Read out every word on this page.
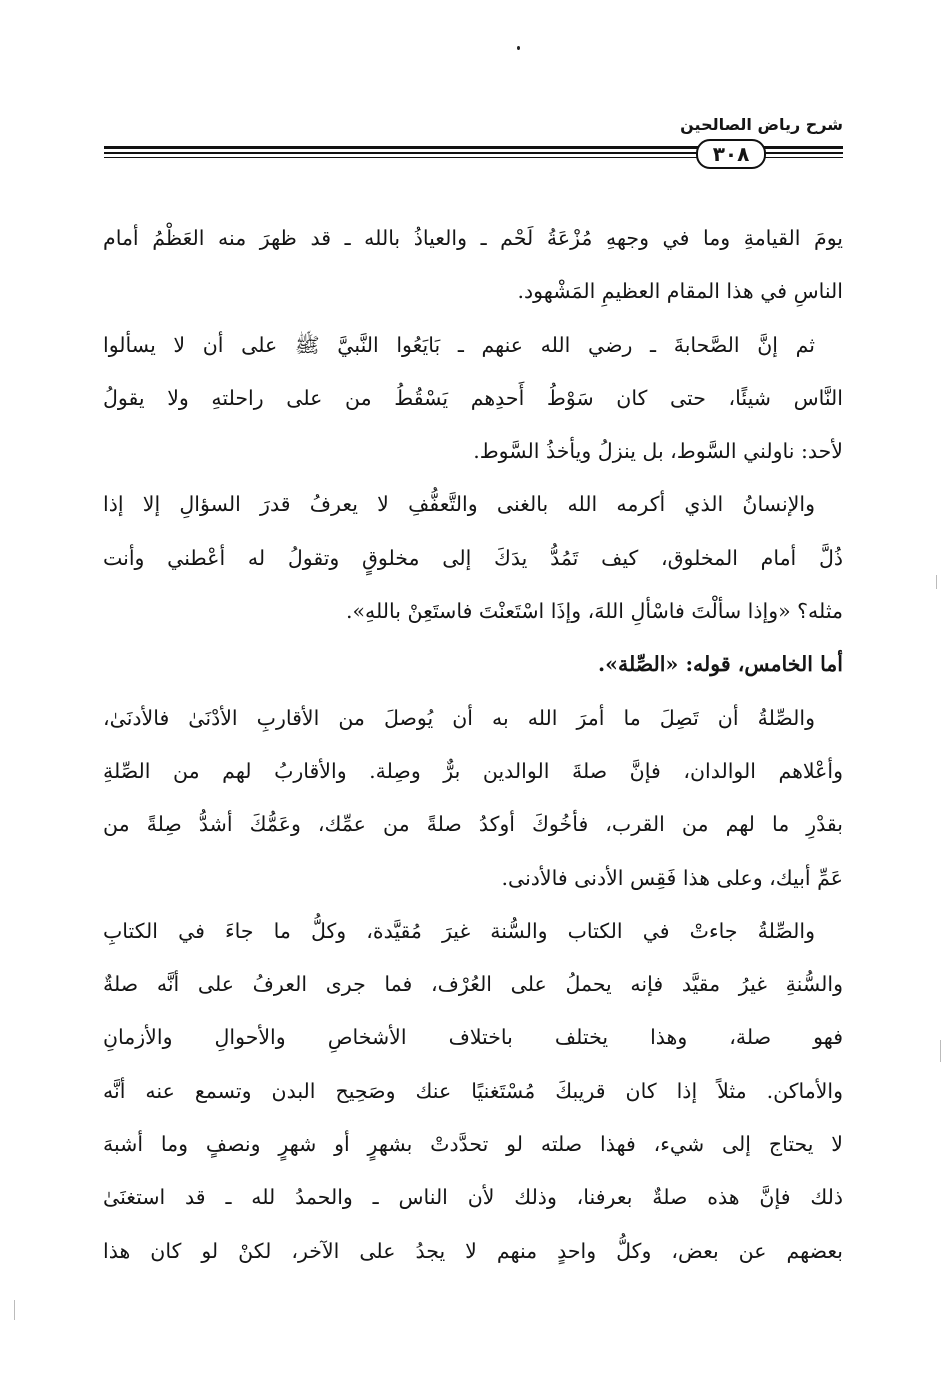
شرح رياض الصالحين
٣٠٨
يومَ القيامةِ وما في وجههِ مُزْعَةُ لَحْم ـ والعياذُ بالله ـ قد ظهرَ منه العَظْمُ أمام
الناسِ في هذا المقام العظيمِ المَشْهود.
ثم إنَّ الصَّحابةَ ـ رضي الله عنهم ـ بَايَعُوا النَّبيَّ ﷺ على أن لا يسألوا
النَّاس شيئًا، حتى كان سَوْطُ أَحدِهم يَسْقُطُ من على راحلتهِ ولا يقولُ
لأحد: ناولني السَّوط، بل ينزلُ ويأخذُ السَّوط.
والإنسانُ الذي أكرمه الله بالغنى والتَّعفُّفِ لا يعرفُ قدرَ السؤالِ إلا إذا
ذُلَّ أمام المخلوق، كيف تَمُدُّ يدَكَ إلى مخلوقٍ وتقولُ له أعْطني وأنت
مثله؟ «وإذا سألْتَ فاسْألِ اللهَ، وإذَا اسْتَعنْتَ فاستَعِنْ باللهِ».
أما الخامس، قوله: «الصِّلة».
والصِّلةُ أن تَصِلَ ما أمرَ الله به أن يُوصلَ من الأقاربِ الأدْنَىٰ فالأدنَىٰ،
وأعْلاهم الوالدان، فإنَّ صلةَ الوالدين برٌّ وصِلة. والأقاربُ لهم من الصِّلةِ
بقدْرِ ما لهم من القرب، فأخُوكَ أوكدُ صلةً من عمِّك، وعَمُّكَ أشدُّ صِلةً من
عَمِّ أبيك، وعلى هذا فَقِس الأدنى فالأدنى.
والصِّلةُ جاءتْ في الكتاب والسُّنة غيرَ مُقيَّدة، وكلُّ ما جاءَ في الكتابِ
والسُّنةِ غيرُ مقيَّد فإنه يحملُ على العُرْف، فما جرى العرفُ على أنَّه صلةٌ
فهو صلة، وهذا يختلف باختلاف الأشخاصِ والأحوالِ والأزمانِ
والأماكن. مثلاً إذا كان قريبكَ مُسْتَغنيًا عنك وصَحِيح البدن وتسمع عنه أنَّه
لا يحتاج إلى شيء، فهذا صلته لو تحدَّدتْ بشهرٍ أو شهرٍ ونصفٍ وما أشبهَ
ذلك فإنَّ هذه صلةٌ بعرفنا، وذلك لأن الناس ـ والحمدُ لله ـ قد استغنَىٰ
بعضهم عن بعض، وكلُّ واحدٍ منهم لا يجدُ على الآخر، لكنْ لو كان هذا
